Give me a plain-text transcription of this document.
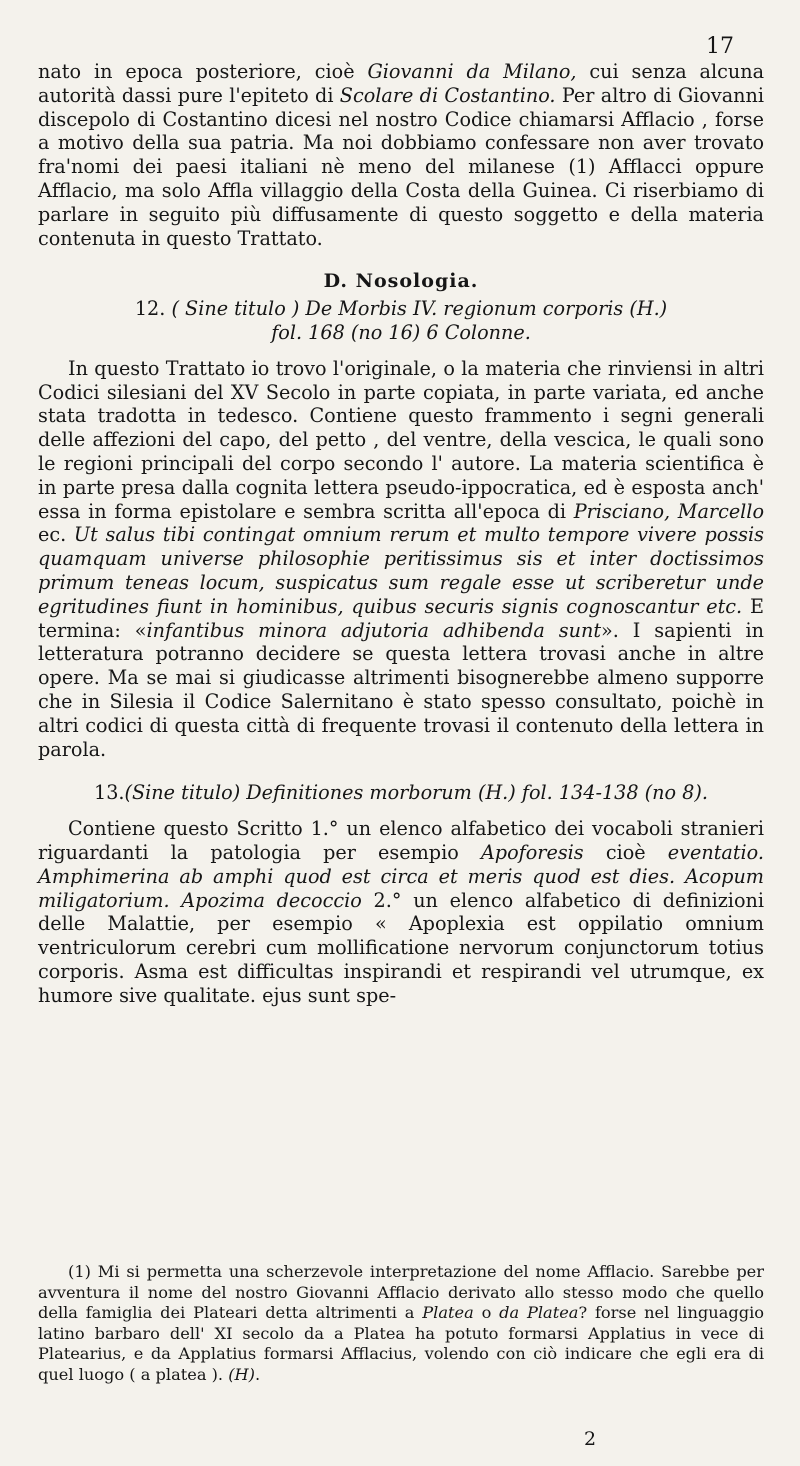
17

nato in epoca posteriore, cioè Giovanni da Milano, cui senza alcuna autorità dassi pure l'epiteto di Scolare di Costantino. Per altro di Giovanni discepolo di Costantino dicesi nel nostro Codice chiamarsi Afflacio , forse a motivo della sua patria. Ma noi dobbiamo confessare non aver trovato fra'nomi dei paesi italiani nè meno del milanese (1) Afflacci oppure Afflacio, ma solo Affla villaggio della Costa della Guinea. Ci riserbiamo di parlare in seguito più diffusamente di questo soggetto e della materia contenuta in questo Trattato.

D. Nosologia.

12. ( Sine titulo ) De Morbis IV. regionum corporis (H.)

fol. 168 (no 16) 6 Colonne.

In questo Trattato io trovo l'originale, o la materia che rinviensi in altri Codici silesiani del XV Secolo in parte copiata, in parte variata, ed anche stata tradotta in tedesco. Contiene questo frammento i segni generali delle affezioni del capo, del petto , del ventre, della vescica, le quali sono le regioni principali del corpo secondo l' autore. La materia scientifica è in parte presa dalla cognita lettera pseudo-ippocratica, ed è esposta anch' essa in forma epistolare e sembra scritta all'epoca di Prisciano, Marcello ec. Ut salus tibi contingat omnium rerum et multo tempore vivere possis quamquam universe philosophie peritissimus sis et inter doctissimos primum teneas locum, suspicatus sum regale esse ut scriberetur unde egritudines fiunt in hominibus, quibus securis signis cognoscantur etc. E termina: «infantibus minora adjutoria adhibenda sunt». I sapienti in letteratura potranno decidere se questa lettera trovasi anche in altre opere. Ma se mai si giudicasse altrimenti bisognerebbe almeno supporre che in Silesia il Codice Salernitano è stato spesso consultato, poichè in altri codici di questa città di frequente trovasi il contenuto della lettera in parola.

13.(Sine titulo) Definitiones morborum (H.) fol. 134-138 (no 8).

Contiene questo Scritto 1.° un elenco alfabetico dei vocaboli stranieri riguardanti la patologia per esempio Apoforesis cioè eventatio. Amphimerina ab amphi quod est circa et meris quod est dies. Acopum miligatorium. Apozima decoccio 2.° un elenco alfabetico di definizioni delle Malattie, per esempio « Apoplexia est oppilatio omnium ventriculorum cerebri cum mollificatione nervorum conjunctorum totius corporis. Asma est difficultas inspirandi et respirandi vel utrumque, ex humore sive qualitate. ejus sunt spe-

(1) Mi si permetta una scherzevole interpretazione del nome Afflacio. Sarebbe per avventura il nome del nostro Giovanni Afflacio derivato allo stesso modo che quello della famiglia dei Plateari detta altrimenti a Platea o da Platea? forse nel linguaggio latino barbaro dell' XI secolo da a Platea ha potuto formarsi Applatius in vece di Platearius, e da Applatius formarsi Afflacius, volendo con ciò indicare che egli era di quel luogo ( a platea ). (H).

2
